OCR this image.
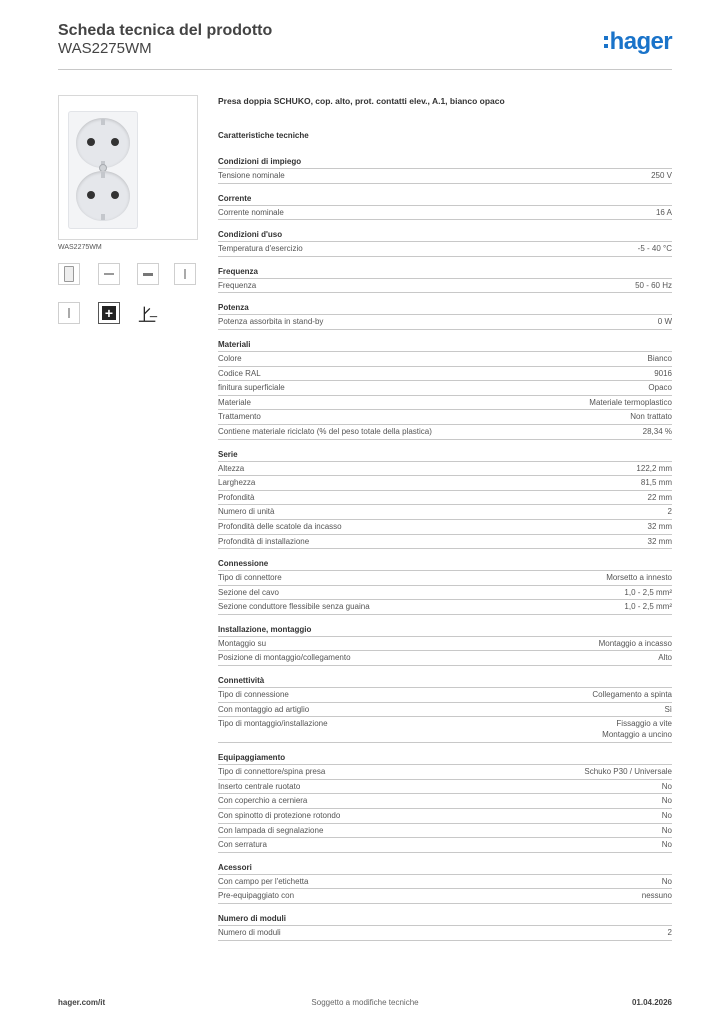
Scheda tecnica del prodotto
WAS2275WM	hager
WAS2275WM
+
Presa doppia SCHUKO, cop. alto, prot. contatti elev., A.1, bianco opaco
Caratteristiche tecniche
Condizioni di impiego
Tensione nominale	250 V
Corrente
Corrente nominale	16 A
Condizioni d'uso
Temperatura d'esercizio	-5 - 40 °C
Frequenza
Frequenza	50 - 60 Hz
Potenza
Potenza assorbita in stand-by	0 W
Materiali
Colore	Bianco
Codice RAL	9016
finitura superficiale	Opaco
Materiale	Materiale termoplastico
Trattamento	Non trattato
Contiene materiale riciclato (% del peso totale della plastica)	28,34 %
Serie
Altezza	122,2 mm
Larghezza	81,5 mm
Profondità	22 mm
Numero di unità	2
Profondità delle scatole da incasso	32 mm
Profondità di installazione	32 mm
Connessione
Tipo di connettore	Morsetto a innesto
Sezione del cavo	1,0 - 2,5 mm²
Sezione conduttore flessibile senza guaina	1,0 - 2,5 mm²
Installazione, montaggio
Montaggio su	Montaggio a incasso
Posizione di montaggio/collegamento	Alto
Connettività
Tipo di connessione	Collegamento a spinta
Con montaggio ad artiglio	Sì
Tipo di montaggio/installazione	Fissaggio a vite
Montaggio a uncino
Equipaggiamento
Tipo di connettore/spina presa	Schuko P30 / Universale
Inserto centrale ruotato	No
Con coperchio a cerniera	No
Con spinotto di protezione rotondo	No
Con lampada di segnalazione	No
Con serratura	No
Acessori
Con campo per l'etichetta	No
Pre-equipaggiato con	nessuno
Numero di moduli
Numero di moduli	2
hager.com/it	Soggetto a modifiche tecniche	01.04.2026
